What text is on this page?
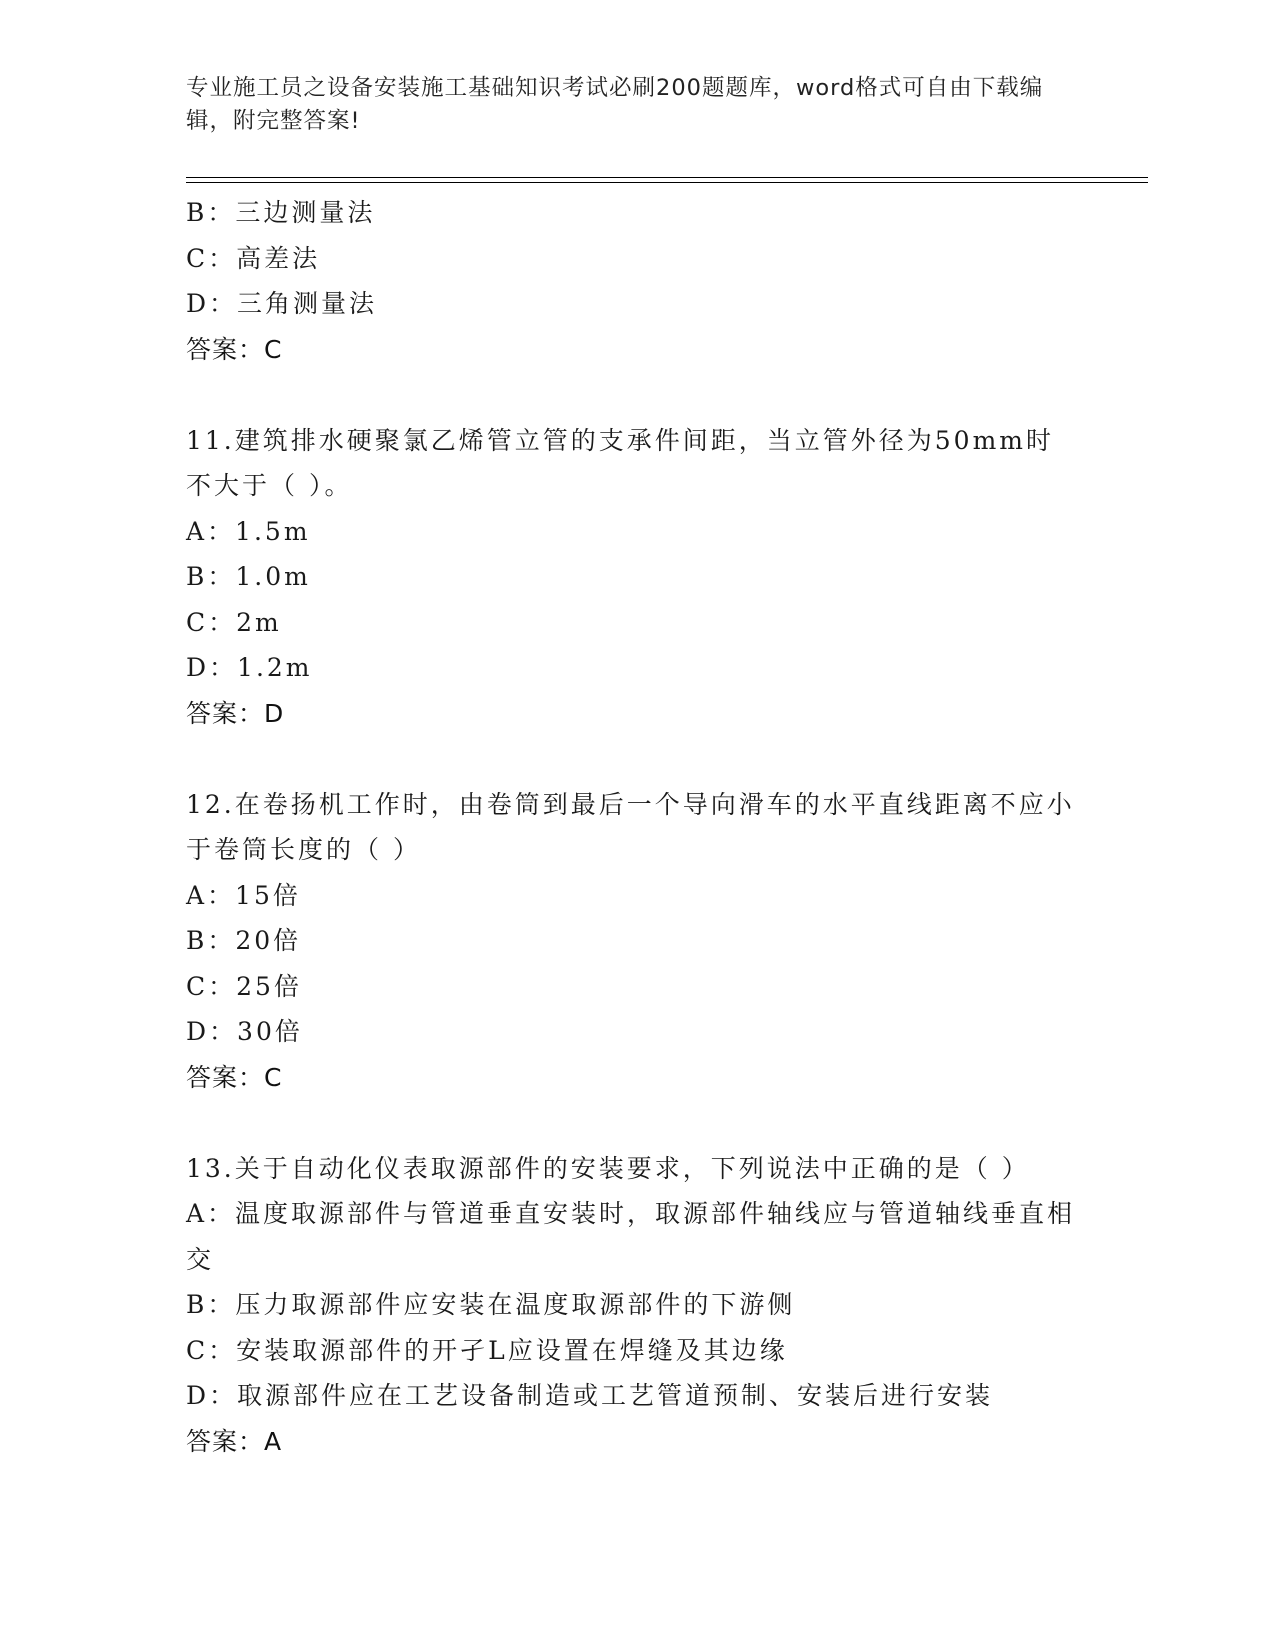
专业施工员之设备安装施工基础知识考试必刷200题题库，word格式可自由下载编辑，附完整答案!
B：三边测量法
C：高差法
D：三角测量法
答案：C
11.建筑排水硬聚氯乙烯管立管的支承件间距，当立管外径为50mm时不大于（ ）。
A：1.5m
B：1.0m
C：2m
D：1.2m
答案：D
12.在卷扬机工作时，由卷筒到最后一个导向滑车的水平直线距离不应小于卷筒长度的（ ）
A：15倍
B：20倍
C：25倍
D：30倍
答案：C
13.关于自动化仪表取源部件的安装要求，下列说法中正确的是（ ）
A：温度取源部件与管道垂直安装时，取源部件轴线应与管道轴线垂直相交
B：压力取源部件应安装在温度取源部件的下游侧
C：安装取源部件的开孑L应设置在焊缝及其边缘
D：取源部件应在工艺设备制造或工艺管道预制、安装后进行安装
答案：A
